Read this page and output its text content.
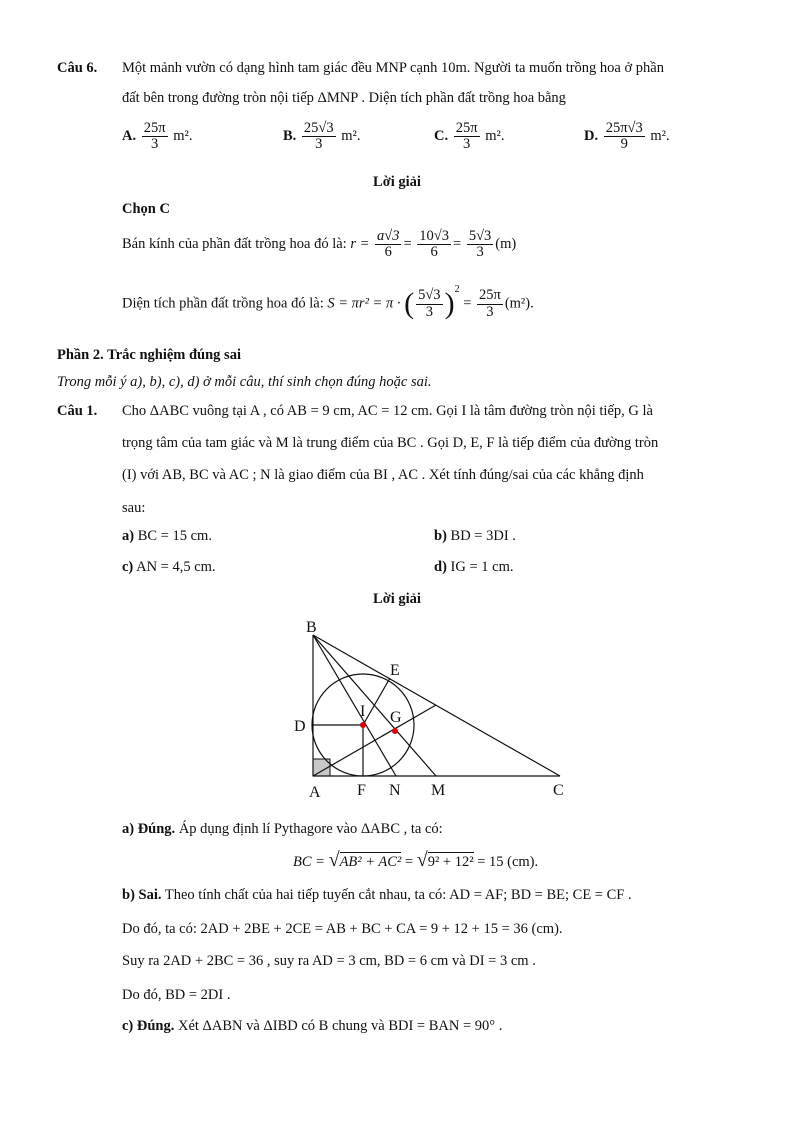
Câu 6. Một mảnh vườn có dạng hình tam giác đều MNP cạnh 10m. Người ta muốn trồng hoa ở phần
đất bên trong đường tròn nội tiếp ΔMNP . Diện tích phần đất trồng hoa bằng
A. $\frac{25\pi}{3} m^2$.	B. $\frac{25√3}{3} m^2$.	C. $\frac{25\pi}{3} m^2$.	D. $\frac{25\pi√3}{9} m^2$.
Lời giải
Chọn C
Bán kính của phần đất trồng hoa đó là: $r = \frac{a√3}{6} = \frac{10√3}{6} = \frac{5√3}{3} (m)$
Diện tích phần đất trồng hoa đó là: S = πr² = π · ( $\frac{5√3}{3} )^2 = \frac{25\pi}{3} (m^2)$.
Phần 2. Trắc nghiệm đúng sai
Trong mỗi ý a), b), c), d) ở mỗi câu, thí sinh chọn đúng hoặc sai.
Câu 1. Cho ΔABC vuông tại A , có AB = 9 cm, AC = 12 cm. Gọi I là tâm đường tròn nội tiếp, G là
trọng tâm của tam giác và M là trung điểm của BC . Gọi D, E, F là tiếp điểm của đường tròn
(I) với AB, BC và AC ; N là giao điểm của BI , AC . Xét tính đúng/sai của các khẳng định
sau:
a) BC = 15 cm.	b) BD = 3DI .
c) AN = 4,5 cm.	d) IG = 1 cm.
Lời giải
B
E
I G
D
A F N M	C
a) Đúng. Áp dụng định lí Pythagore vào ΔABC , ta có:
BC = √AB² + AC² = √9² + 12² = 15 (cm).
b) Sai. Theo tính chất của hai tiếp tuyến cắt nhau, ta có: AD = AF; BD = BE; CE = CF .
Do đó, ta có: 2AD + 2BE + 2CE = AB + BC + CA = 9 + 12 + 15 = 36 (cm).
Suy ra 2AD + 2BC = 36 , suy ra AD = 3 cm, BD = 6 cm và DI = 3 cm .
Do đó, BD = 2DI .
c) Đúng. Xét ΔABN và ΔIBD có B chung và BDI = BAN = 90° .
